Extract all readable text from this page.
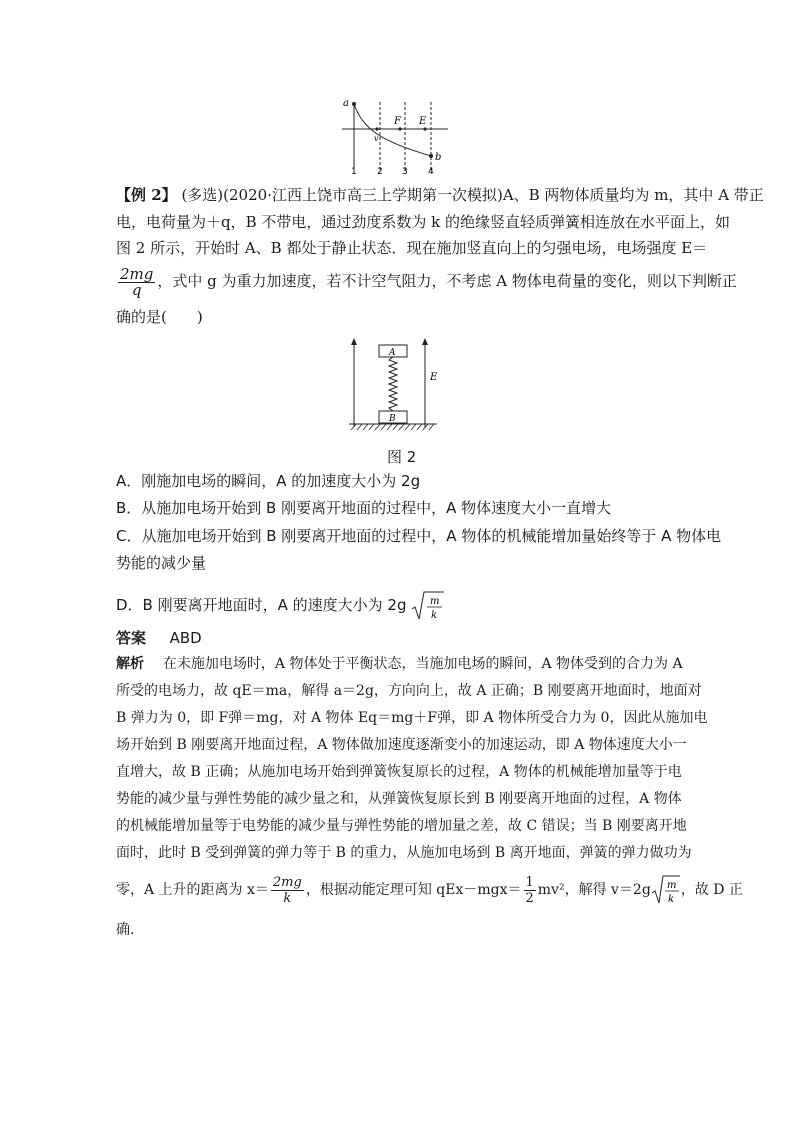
a
b
F E
v
1 2 3 4
【例 2】 (多选)(2020·江西上饶市高三上学期第一次模拟)A、B 两物体质量均为 m，其中 A 带正
电，电荷量为＋q，B 不带电，通过劲度系数为 k 的绝缘竖直轻质弹簧相连放在水平面上，如
图 2 所示，开始时 A、B 都处于静止状态．现在施加竖直向上的匀强电场，电场强度 E＝
$\frac{2mg}{q}$ ，式中 g 为重力加速度，若不计空气阻力，不考虑 A 物体电荷量的变化，则以下判断正
确的是(　　)
E
A
B
图 2
A．刚施加电场的瞬间，A 的加速度大小为 2g
B．从施加电场开始到 B 刚要离开地面的过程中，A 物体速度大小一直增大
C．从施加电场开始到 B 刚要离开地面的过程中，A 物体的机械能增加量始终等于 A 物体电
势能的减少量
D．B 刚要离开地面时，A 的速度大小为 2g m
k
答案 ABD
解析 在未施加电场时，A 物体处于平衡状态，当施加电场的瞬间，A 物体受到的合力为 A
所受的电场力，故 qE＝ma，解得 a＝2g，方向向上，故 A 正确；B 刚要离开地面时，地面对
B 弹力为 0，即 F弹＝mg，对 A 物体 Eq＝mg＋F弹，即 A 物体所受合力为 0，因此从施加电
场开始到 B 刚要离开地面过程，A 物体做加速度逐渐变小的加速运动，即 A 物体速度大小一
直增大，故 B 正确；从施加电场开始到弹簧恢复原长的过程，A 物体的机械能增加量等于电
势能的减少量与弹性势能的减少量之和，从弹簧恢复原长到 B 刚要离开地面的过程，A 物体
的机械能增加量等于电势能的减少量与弹性势能的增加量之差，故 C 错误；当 B 刚要离开地
面时，此时 B 受到弹簧的弹力等于 B 的重力，从施加电场到 B 离开地面，弹簧的弹力做功为
零，A 上升的距离为 $x= \frac{2mg}{k}$ ，根据动能定理可知 $qEx-mgx= \frac{1}{2} mv^2$，解得 v＝2g m
k
，故 D 正
确．
